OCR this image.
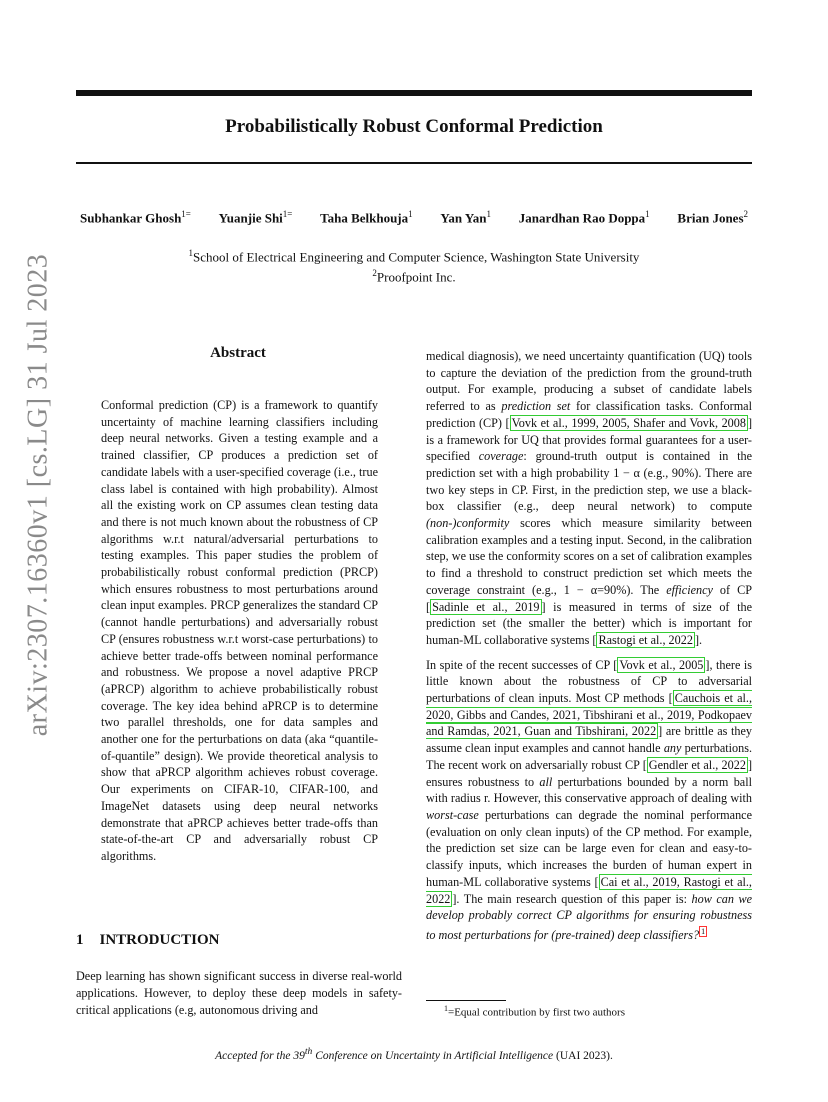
arXiv:2307.16360v1 [cs.LG] 31 Jul 2023
Probabilistically Robust Conformal Prediction
Subhankar Ghosh$^{1=}$ Yuanjie Shi$^{1=}$ Taha Belkhouja$^1$ Yan Yan$^1$ Janardhan Rao Doppa$^1$ Brian Jones$^2$
$^1$School of Electrical Engineering and Computer Science, Washington State University
$^2$Proofpoint Inc.
Abstract
Conformal prediction (CP) is a framework to quantify uncertainty of machine learning classifiers including deep neural networks. Given a testing example and a trained classifier, CP produces a prediction set of candidate labels with a user-specified coverage (i.e., true class label is contained with high probability). Almost all the existing work on CP assumes clean testing data and there is not much known about the robustness of CP algorithms w.r.t natural/adversarial perturbations to testing examples. This paper studies the problem of probabilistically robust conformal prediction (PRCP) which ensures robustness to most perturbations around clean input examples. PRCP generalizes the standard CP (cannot handle perturbations) and adversarially robust CP (ensures robustness w.r.t worst-case perturbations) to achieve better trade-offs between nominal performance and robustness. We propose a novel adaptive PRCP (aPRCP) algorithm to achieve probabilistically robust coverage. The key idea behind aPRCP is to determine two parallel thresholds, one for data samples and another one for the perturbations on data (aka “quantile-of-quantile” design). We provide theoretical analysis to show that aPRCP algorithm achieves robust coverage. Our experiments on CIFAR-10, CIFAR-100, and ImageNet datasets using deep neural networks demonstrate that aPRCP achieves better trade-offs than state-of-the-art CP and adversarially robust CP algorithms.
1 INTRODUCTION
Deep learning has shown significant success in diverse real-world applications. However, to deploy these deep models in safety-critical applications (e.g, autonomous driving and

medical diagnosis), we need uncertainty quantification (UQ) tools to capture the deviation of the prediction from the ground-truth output. For example, producing a subset of candidate labels referred to as prediction set for classification tasks. Conformal prediction (CP) [ Vovk et al., 1999, 2005, Shafer and Vovk, 2008 ] is a framework for UQ that provides formal guarantees for a user-specified coverage: ground-truth output is contained in the prediction set with a high probability 1 − α (e.g., 90%). There are two key steps in CP. First, in the prediction step, we use a black-box classifier (e.g., deep neural network) to compute (non-)conformity scores which measure similarity between calibration examples and a testing input. Second, in the calibration step, we use the conformity scores on a set of calibration examples to find a threshold to construct prediction set which meets the coverage constraint (e.g., 1 − α=90%). The efficiency of CP [ Sadinle et al., 2019 ] is measured in terms of size of the prediction set (the smaller the better) which is important for human-ML collaborative systems [ Rastogi et al., 2022 ].

In spite of the recent successes of CP [ Vovk et al., 2005 ], there is little known about the robustness of CP to adversarial perturbations of clean inputs. Most CP methods [ Cauchois et al., 2020, Gibbs and Candes, 2021, Tibshirani et al., 2019, Podkopaev and Ramdas, 2021, Guan and Tibshirani, 2022 ] are brittle as they assume clean input examples and cannot handle any perturbations. The recent work on adversarially robust CP [ Gendler et al., 2022 ] ensures robustness to all perturbations bounded by a norm ball with radius r. However, this conservative approach of dealing with worst-case perturbations can degrade the nominal performance (evaluation on only clean inputs) of the CP method. For example, the prediction set size can be large even for clean and easy-to-classify inputs, which increases the burden of human expert in human-ML collaborative systems [ Cai et al., 2019, Rastogi et al., 2022 ]. The main research question of this paper is: how can we develop probably correct CP algorithms for ensuring robustness to most perturbations for (pre-trained) deep classifiers? $^1$

$^1$=Equal contribution by first two authors
Accepted for the 39th Conference on Uncertainty in Artificial Intelligence (UAI 2023).
